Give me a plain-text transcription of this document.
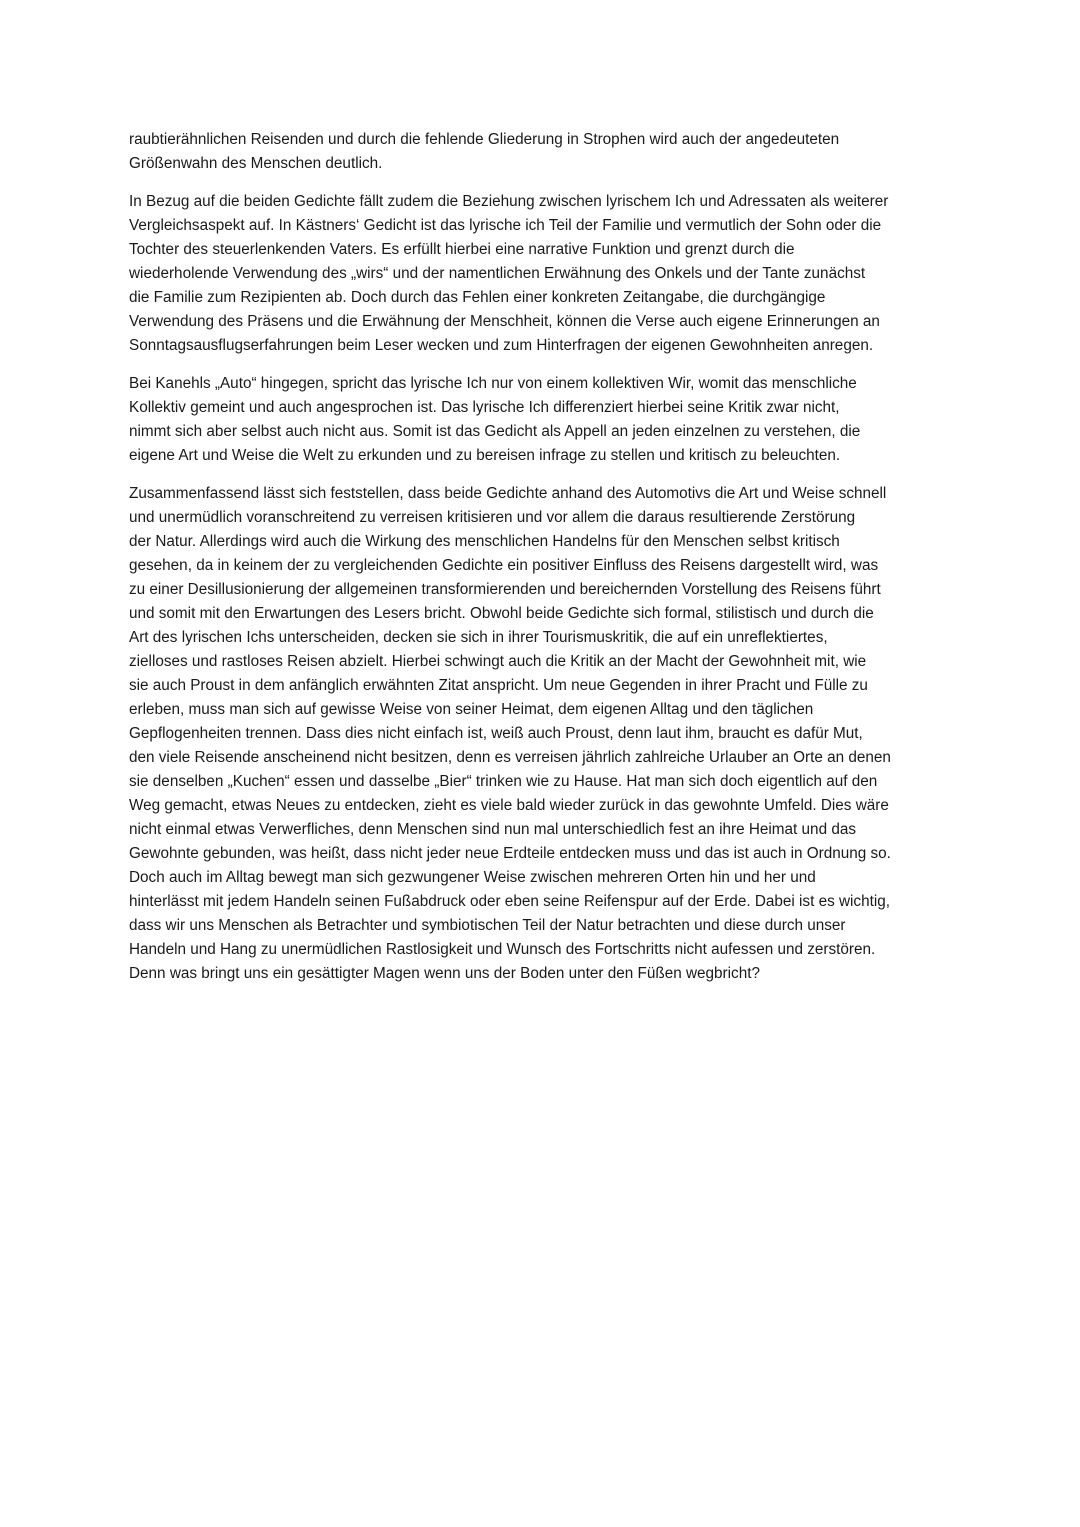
raubtierähnlichen Reisenden und durch die fehlende Gliederung in Strophen wird auch der angedeuteten
Größenwahn des Menschen deutlich.

In Bezug auf die beiden Gedichte fällt zudem die Beziehung zwischen lyrischem Ich und Adressaten als weiterer
Vergleichsaspekt auf. In Kästners‘ Gedicht ist das lyrische ich Teil der Familie und vermutlich der Sohn oder die
Tochter des steuerlenkenden Vaters. Es erfüllt hierbei eine narrative Funktion und grenzt durch die
wiederholende Verwendung des „wirs“ und der namentlichen Erwähnung des Onkels und der Tante zunächst
die Familie zum Rezipienten ab. Doch durch das Fehlen einer konkreten Zeitangabe, die durchgängige
Verwendung des Präsens und die Erwähnung der Menschheit, können die Verse auch eigene Erinnerungen an
Sonntagsausflugserfahrungen beim Leser wecken und zum Hinterfragen der eigenen Gewohnheiten anregen.

Bei Kanehls „Auto“ hingegen, spricht das lyrische Ich nur von einem kollektiven Wir, womit das menschliche
Kollektiv gemeint und auch angesprochen ist. Das lyrische Ich differenziert hierbei seine Kritik zwar nicht,
nimmt sich aber selbst auch nicht aus. Somit ist das Gedicht als Appell an jeden einzelnen zu verstehen, die
eigene Art und Weise die Welt zu erkunden und zu bereisen infrage zu stellen und kritisch zu beleuchten.

Zusammenfassend lässt sich feststellen, dass beide Gedichte anhand des Automotivs die Art und Weise schnell
und unermüdlich voranschreitend zu verreisen kritisieren und vor allem die daraus resultierende Zerstörung
der Natur. Allerdings wird auch die Wirkung des menschlichen Handelns für den Menschen selbst kritisch
gesehen, da in keinem der zu vergleichenden Gedichte ein positiver Einfluss des Reisens dargestellt wird, was
zu einer Desillusionierung der allgemeinen transformierenden und bereichernden Vorstellung des Reisens führt
und somit mit den Erwartungen des Lesers bricht. Obwohl beide Gedichte sich formal, stilistisch und durch die
Art des lyrischen Ichs unterscheiden, decken sie sich in ihrer Tourismuskritik, die auf ein unreflektiertes,
zielloses und rastloses Reisen abzielt. Hierbei schwingt auch die Kritik an der Macht der Gewohnheit mit, wie
sie auch Proust in dem anfänglich erwähnten Zitat anspricht. Um neue Gegenden in ihrer Pracht und Fülle zu
erleben, muss man sich auf gewisse Weise von seiner Heimat, dem eigenen Alltag und den täglichen
Gepflogenheiten trennen. Dass dies nicht einfach ist, weiß auch Proust, denn laut ihm, braucht es dafür Mut,
den viele Reisende anscheinend nicht besitzen, denn es verreisen jährlich zahlreiche Urlauber an Orte an denen
sie denselben „Kuchen“ essen und dasselbe „Bier“ trinken wie zu Hause. Hat man sich doch eigentlich auf den
Weg gemacht, etwas Neues zu entdecken, zieht es viele bald wieder zurück in das gewohnte Umfeld. Dies wäre
nicht einmal etwas Verwerfliches, denn Menschen sind nun mal unterschiedlich fest an ihre Heimat und das
Gewohnte gebunden, was heißt, dass nicht jeder neue Erdteile entdecken muss und das ist auch in Ordnung so.
Doch auch im Alltag bewegt man sich gezwungener Weise zwischen mehreren Orten hin und her und
hinterlässt mit jedem Handeln seinen Fußabdruck oder eben seine Reifenspur auf der Erde. Dabei ist es wichtig,
dass wir uns Menschen als Betrachter und symbiotischen Teil der Natur betrachten und diese durch unser
Handeln und Hang zu unermüdlichen Rastlosigkeit und Wunsch des Fortschritts nicht aufessen und zerstören.
Denn was bringt uns ein gesättigter Magen wenn uns der Boden unter den Füßen wegbricht?
